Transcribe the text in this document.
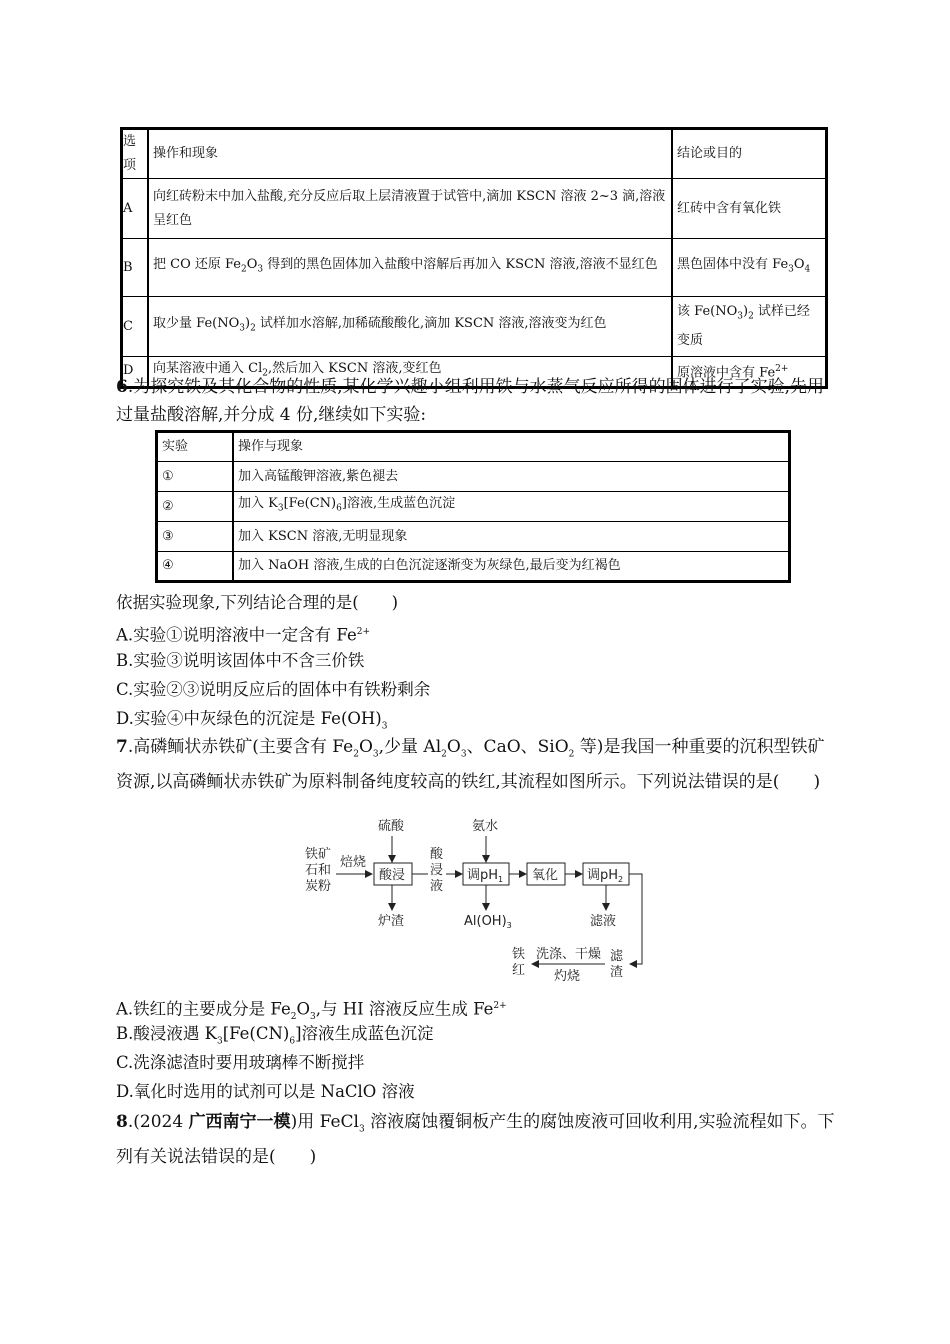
选项	操作和现象	结论或目的
A	向红砖粉末中加入盐酸,充分反应后取上层清液置于试管中,滴加 KSCN 溶液 2~3 滴,溶液呈红色	红砖中含有氧化铁
B	把 CO 还原 $Fe_2O_3$ 得到的黑色固体加入盐酸中溶解后再加入 KSCN 溶液,溶液不显红色	黑色固体中没有 $Fe_3O_4$
C	取少量 $Fe(NO_3)_2$ 试样加水溶解,加稀硫酸酸化,滴加 KSCN 溶液,溶液变为红色	该 $Fe(NO_3)_2$ 试样已经变质
D	向某溶液中通入 $Cl_2$,然后加入 KSCN 溶液,变红色	原溶液中含有 $Fe^{2+}$
6.为探究铁及其化合物的性质,某化学兴趣小组利用铁与水蒸气反应所得的固体进行了实验,先用过量盐酸溶解,并分成 4 份,继续如下实验:
实验	操作与现象
①	加入高锰酸钾溶液,紫色褪去
②	加入 $K_3[Fe(CN)_6]$溶液,生成蓝色沉淀
③	加入 KSCN 溶液,无明显现象
④	加入 NaOH 溶液,生成的白色沉淀逐渐变为灰绿色,最后变为红褐色
依据实验现象,下列结论合理的是(　　)
A.实验①说明溶液中一定含有 $Fe^{2+}$
B.实验③说明该固体中不含三价铁
C.实验②③说明反应后的固体中有铁粉剩余
D.实验④中灰绿色的沉淀是 $Fe(OH)_3$
7.高磷鲕状赤铁矿(主要含有 $Fe_2O_3$,少量 $Al_2O_3$、CaO、SiO$_2$ 等)是我国一种重要的沉积型铁矿资源,以高磷鲕状赤铁矿为原料制备纯度较高的铁红,其流程如图所示。下列说法错误的是(　　)
铁矿
石和
炭粉
焙烧
硫酸
酸浸
炉渣
酸
浸
液
氨水
调$pH_1$
$Al(OH)_3$
氧化 调$pH_2$
滤液
滤
渣
洗涤、干燥
灼烧
铁
红
A.铁红的主要成分是 $Fe_2O_3$,与 HI 溶液反应生成 $Fe^{2+}$
B.酸浸液遇 $K_3[Fe(CN)_6]$溶液生成蓝色沉淀
C.洗涤滤渣时要用玻璃棒不断搅拌
D.氧化时选用的试剂可以是 NaClO 溶液
8.(2024 广西南宁一模)用 FeCl$_3$ 溶液腐蚀覆铜板产生的腐蚀废液可回收利用,实验流程如下。下列有关说法错误的是(　　)
